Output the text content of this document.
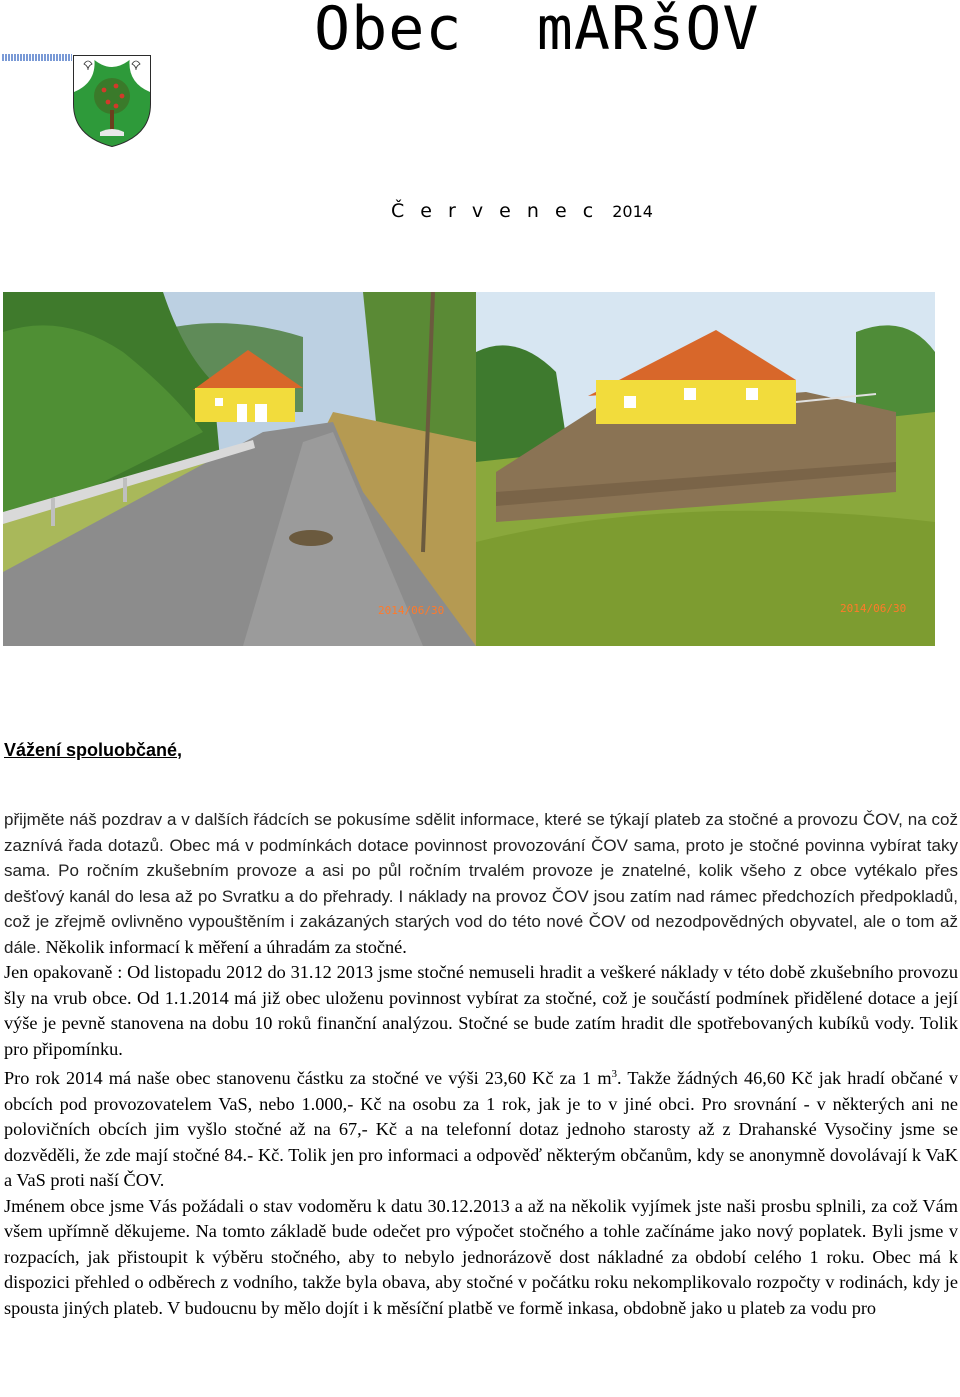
Obec  mARšOV
Č e r v e n e c 2014
2014/06/30	2014/06/30

Vážení spoluobčané,

přijměte náš pozdrav a v dalších řádcích se pokusíme sdělit informace, které se týkají plateb za stočné a provozu ČOV, na což zaznívá řada dotazů. Obec má v podmínkách dotace povinnost provozování ČOV sama, proto je stočné povinna vybírat taky sama. Po ročním zkušebním provoze a asi po půl ročním trvalém provoze je znatelné, kolik všeho z obce vytékalo přes dešťový kanál do lesa až po Svratku a do přehrady. I náklady na provoz ČOV jsou zatím nad rámec předchozích předpokladů, což je zřejmě ovlivněno vypouštěním i zakázaných starých vod do této nové ČOV od nezodpovědných obyvatel, ale o tom až dále. Několik informací k měření a úhradám za stočné.

Jen opakovaně : Od listopadu 2012 do 31.12 2013 jsme stočné nemuseli hradit a veškeré náklady v této době zkušebního provozu šly na vrub obce. Od 1.1.2014 má již obec uloženu povinnost vybírat za stočné, což je součástí podmínek přidělené dotace a její výše je pevně stanovena na dobu 10 roků finanční analýzou. Stočné se bude zatím hradit dle spotřebovaných kubíků vody. Tolik pro připomínku.

Pro rok 2014 má naše obec stanovenu částku za stočné ve výši 23,60 Kč za 1 $m^3$. Takže žádných 46,60 Kč jak hradí občané v obcích pod provozovatelem VaS, nebo 1.000,- Kč na osobu za 1 rok, jak je to v jiné obci. Pro srovnání - v některých ani ne polovičních obcích jim vyšlo stočné až na 67,- Kč a na telefonní dotaz jednoho starosty až z Drahanské Vysočiny jsme se dozvěděli, že zde mají stočné 84.- Kč. Tolik jen pro informaci a odpověď některým občanům, kdy se anonymně dovolávají k VaK a VaS proti naší ČOV.

Jménem obce jsme Vás požádali o stav vodoměru k datu 30.12.2013 a až na několik vyjímek jste naši prosbu splnili, za což Vám všem upřímně děkujeme. Na tomto základě bude odečet pro výpočet stočného a tohle začínáme jako nový poplatek. Byli jsme v rozpacích, jak přistoupit k výběru stočného, aby to nebylo jednorázově dost nákladné za období celého 1 roku. Obec má k dispozici přehled o odběrech z vodního, takže byla obava, aby stočné v počátku roku nekomplikovalo rozpočty v rodinách, kdy je spousta jiných plateb. V budoucnu by mělo dojít i k měsíční platbě ve formě inkasa, obdobně jako u plateb za vodu pro
